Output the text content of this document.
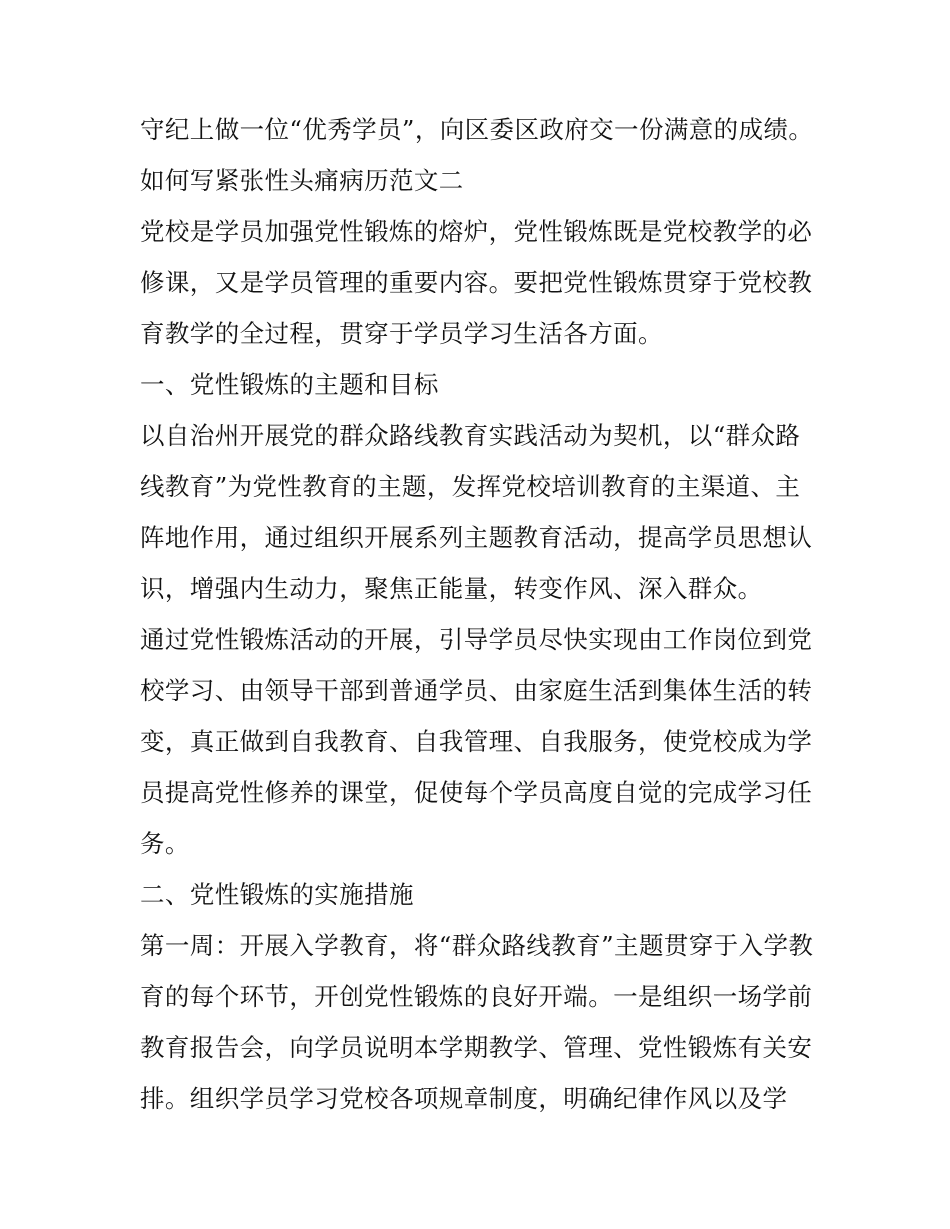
守纪上做一位“优秀学员”，向区委区政府交一份满意的成绩。
如何写紧张性头痛病历范文二
党校是学员加强党性锻炼的熔炉，党性锻炼既是党校教学的必
修课，又是学员管理的重要内容。要把党性锻炼贯穿于党校教
育教学的全过程，贯穿于学员学习生活各方面。
一、党性锻炼的主题和目标
以自治州开展党的群众路线教育实践活动为契机，以“群众路
线教育”为党性教育的主题，发挥党校培训教育的主渠道、主
阵地作用，通过组织开展系列主题教育活动，提高学员思想认
识，增强内生动力，聚焦正能量，转变作风、深入群众。
通过党性锻炼活动的开展，引导学员尽快实现由工作岗位到党
校学习、由领导干部到普通学员、由家庭生活到集体生活的转
变，真正做到自我教育、自我管理、自我服务，使党校成为学
员提高党性修养的课堂，促使每个学员高度自觉的完成学习任
务。
二、党性锻炼的实施措施
第一周：开展入学教育，将“群众路线教育”主题贯穿于入学教
育的每个环节，开创党性锻炼的良好开端。一是组织一场学前
教育报告会，向学员说明本学期教学、管理、党性锻炼有关安
排。组织学员学习党校各项规章制度，明确纪律作风以及学
